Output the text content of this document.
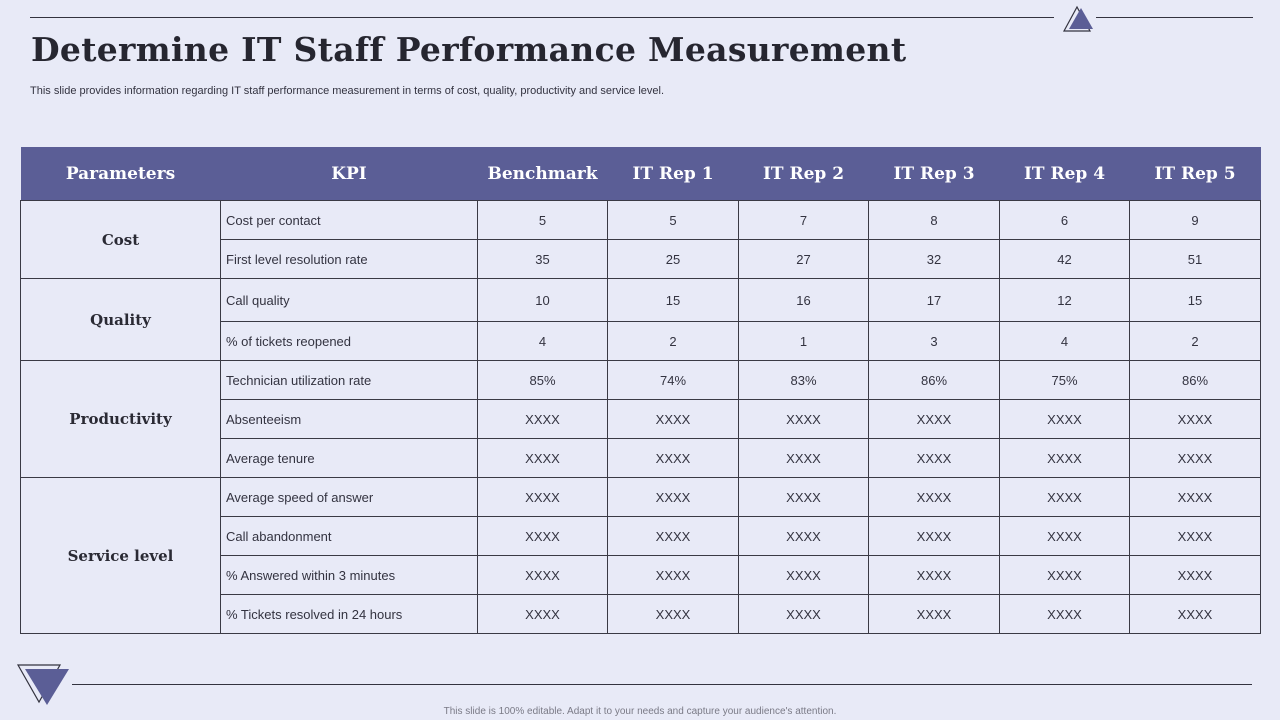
Determine IT Staff Performance Measurement

This slide provides information regarding IT staff performance measurement in terms of cost, quality, productivity and service level.

Parameters	KPI	Benchmark	IT Rep 1	IT Rep 2	IT Rep 3	IT Rep 4	IT Rep 5
Cost	Cost per contact	5	5	7	8	6	9
	First level resolution rate	35	25	27	32	42	51
Quality	Call quality	10	15	16	17	12	15
	% of tickets reopened	4	2	1	3	4	2
Productivity	Technician utilization rate	85%	74%	83%	86%	75%	86%
	Absenteeism	XXXX	XXXX	XXXX	XXXX	XXXX	XXXX
	Average tenure	XXXX	XXXX	XXXX	XXXX	XXXX	XXXX
Service level	Average speed of answer	XXXX	XXXX	XXXX	XXXX	XXXX	XXXX
	Call abandonment	XXXX	XXXX	XXXX	XXXX	XXXX	XXXX
	% Answered within 3 minutes	XXXX	XXXX	XXXX	XXXX	XXXX	XXXX
	% Tickets resolved in 24 hours	XXXX	XXXX	XXXX	XXXX	XXXX	XXXX
This slide is 100% editable. Adapt it to your needs and capture your audience's attention.
